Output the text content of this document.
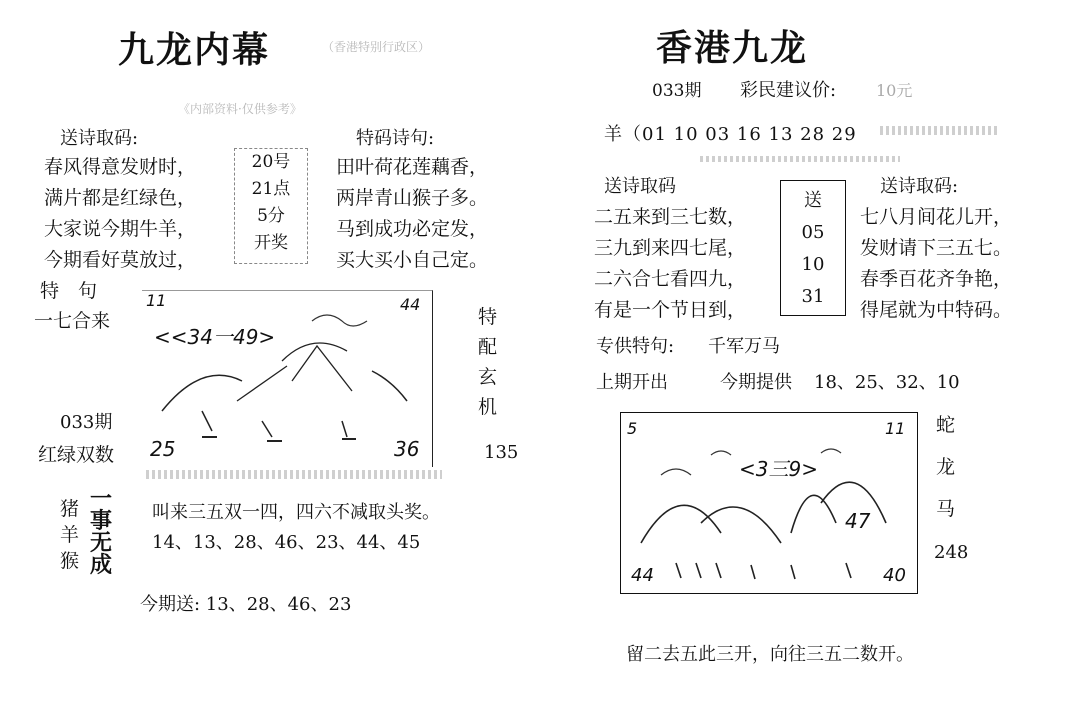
九龙内幕	（香港特别行政区）
《内部资料·仅供参考》
送诗取码:
春风得意发财时，
满片都是红绿色，
大家说今期牛羊，
今期看好莫放过，
20号
21点
5分
开奖
特码诗句:
田叶荷花莲藕香，
两岸青山猴子多。
马到成功必定发，
买大买小自己定。
特　句
一七合来
033期
红绿双数
11	44
<<34一49>
25	36
特
配
玄
机
135
猪
羊
猴
一
事
无
成
叫来三五双一四，四六不减取头奖。
14、13、28、46、23、44、45
今期送: 13、28、46、23
香港九龙
033期 彩民建议价: 10元
羊（01 10 03 16 13 28 29
送诗取码
二五来到三七数，
三九到来四七尾，
二六合七看四九，
有是一个节日到，
送
05
10
31
送诗取码:
七八月间花儿开，
发财请下三五七。
春季百花齐争艳，
得尾就为中特码。
专供特句: 千军万马
上期开出	今期提供 18、25、32、10
5	11
<3三9>
47
44	40
蛇
龙
马
248
留二去五此三开，向往三五二数开。
